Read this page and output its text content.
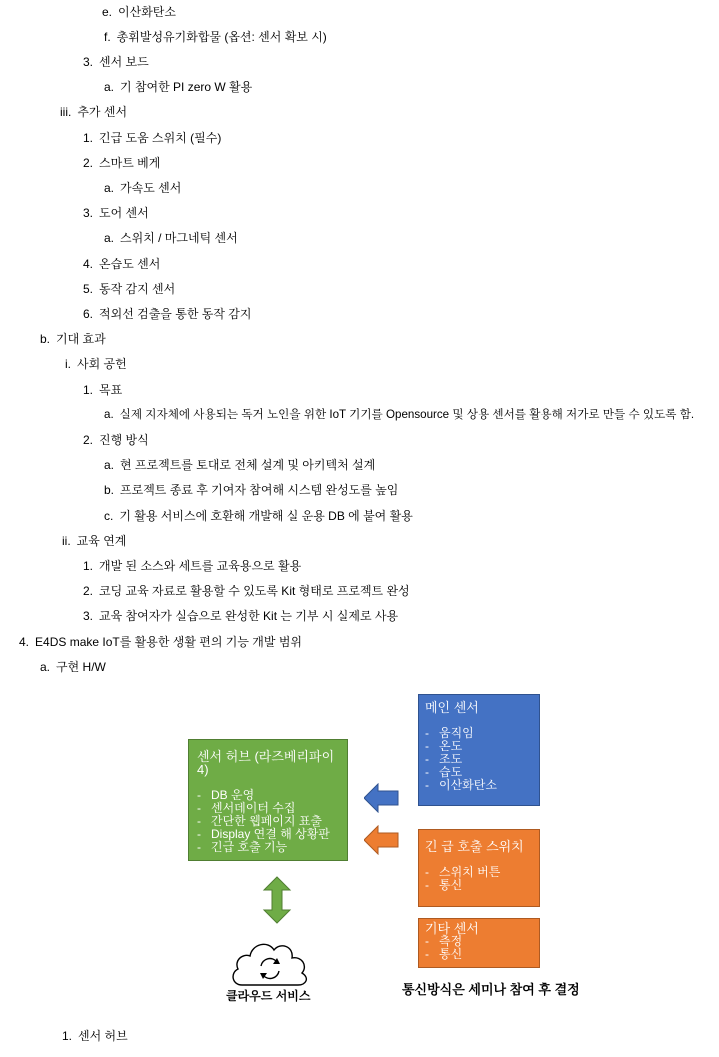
e. 이산화탄소
f. 총휘발성유기화합물 (옵션: 센서 확보 시)
3. 센서 보드
a. 기 참여한 PI zero W 활용
iii. 추가 센서
1. 긴급 도움 스위치 (필수)
2. 스마트 베게
a. 가속도 센서
3. 도어 센서
a. 스위치 / 마그네틱 센서
4. 온습도 센서
5. 동작 감지 센서
6. 적외선 검출을 통한 동작 감지
b. 기대 효과
i. 사회 공헌
1. 목표
a. 실제 지자체에 사용되는 독거 노인을 위한 IoT 기기를 Opensource 및 상용 센서를 활용해 저가로 만들 수 있도록 함.
2. 진행 방식
a. 현 프로젝트를 토대로 전체 설계 및 아키텍처 설계
b. 프로젝트 종료 후 기여자 참여해 시스템 완성도를 높임
c. 기 활용 서비스에 호환해 개발해 실 운용 DB 에 붙여 활용
ii. 교육 연계
1. 개발 된 소스와 세트를 교육용으로 활용
2. 코딩 교육 자료로 활용할 수 있도록 Kit 형태로 프로젝트 완성
3. 교육 참여자가 실습으로 완성한 Kit 는 기부 시 실제로 사용
4. E4DS make IoT를 활용한 생활 편의 기능 개발 범위
a. 구현 H/W
1. 센서 허브
센서 허브 (라즈베리파이4)
- DB 운영
- 센서데이터 수집
- 간단한 웹페이지 표출
- Display 연결 해 상황판
- 긴급 호출 기능
메인 센서
- 움직임
- 온도
- 조도
- 습도
- 이산화탄소
긴 급 호출 스위치
- 스위치 버튼
- 통신
기타 센서
- 측정
- 통신
클라우드 서비스	통신방식은 세미나 참여 후 결정
